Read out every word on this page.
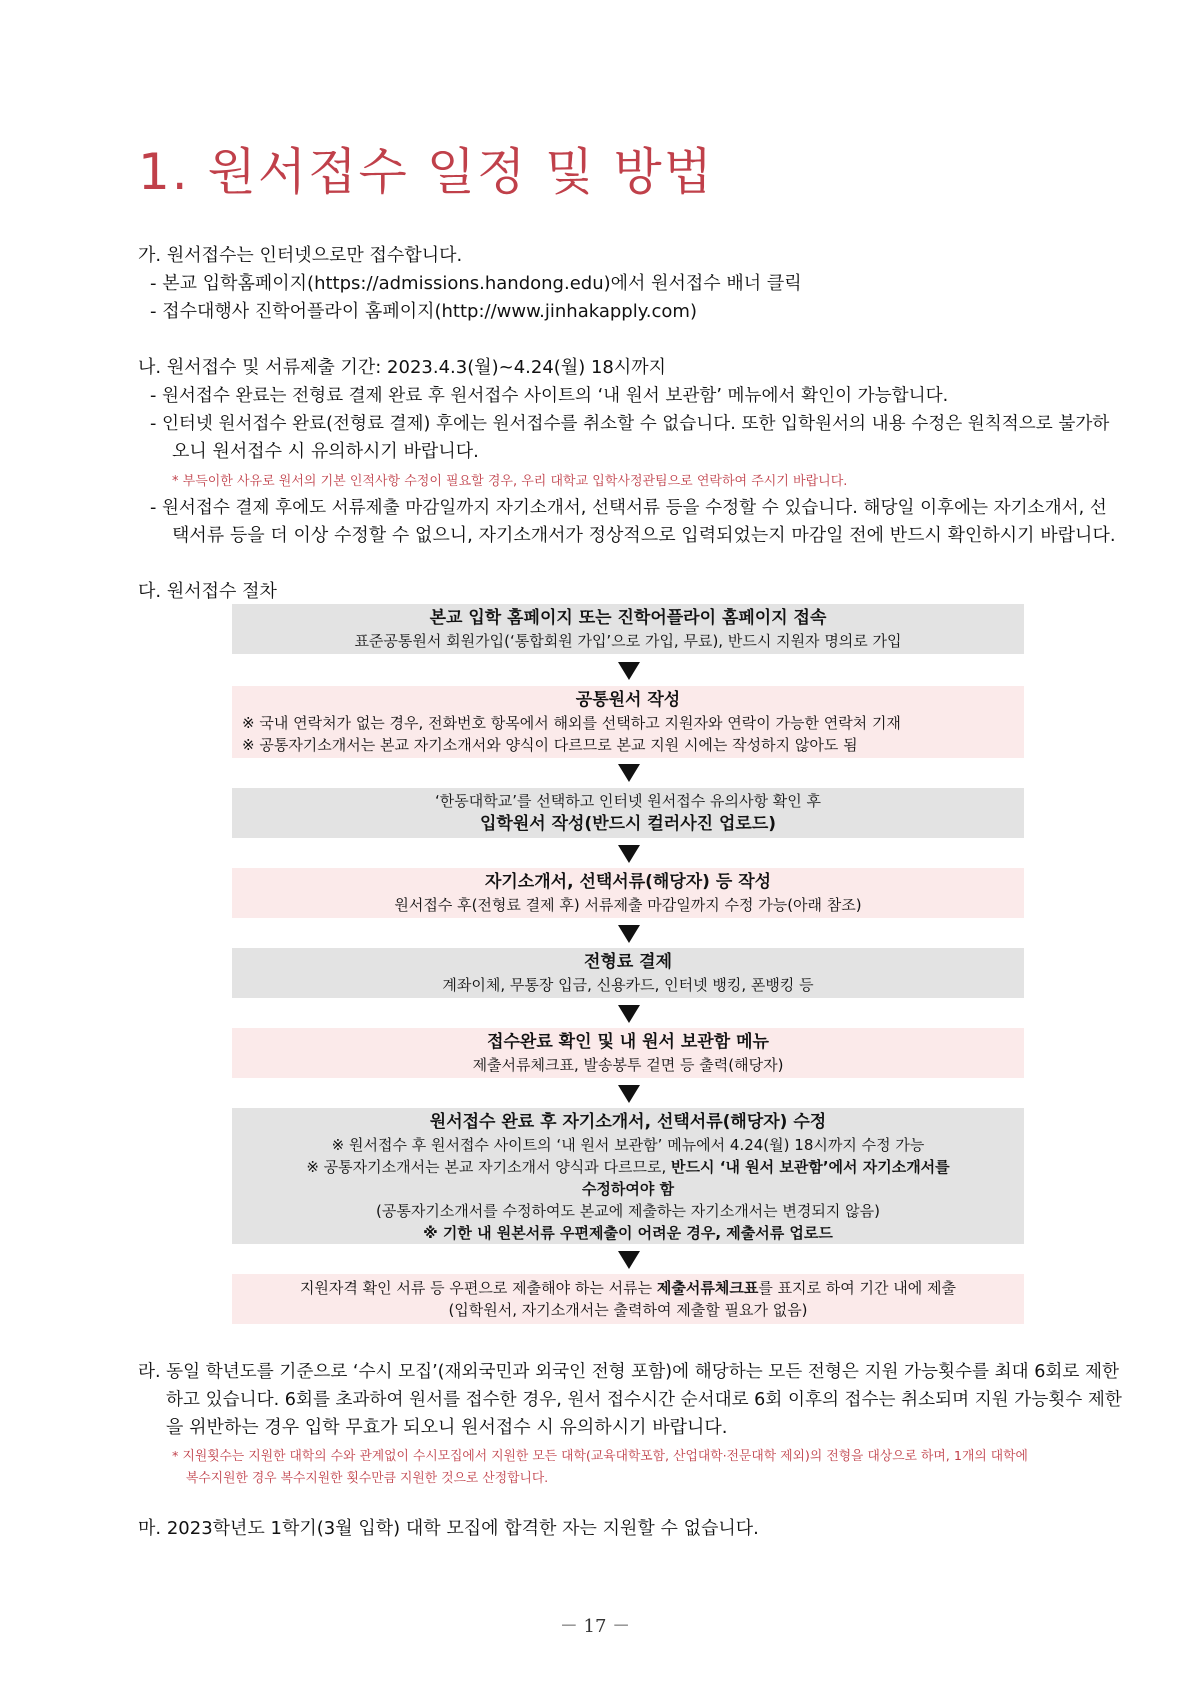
1. 원서접수 일정 및 방법
가. 원서접수는 인터넷으로만 접수합니다.
- 본교 입학홈페이지(https://admissions.handong.edu)에서 원서접수 배너 클릭
- 접수대행사 진학어플라이 홈페이지(http://www.jinhakapply.com)
나. 원서접수 및 서류제출 기간: 2023.4.3(월)~4.24(월) 18시까지
- 원서접수 완료는 전형료 결제 완료 후 원서접수 사이트의 ‘내 원서 보관함’ 메뉴에서 확인이 가능합니다.
- 인터넷 원서접수 완료(전형료 결제) 후에는 원서접수를 취소할 수 없습니다. 또한 입학원서의 내용 수정은 원칙적으로 불가하
오니 원서접수 시 유의하시기 바랍니다.
* 부득이한 사유로 원서의 기본 인적사항 수정이 필요할 경우, 우리 대학교 입학사정관팀으로 연락하여 주시기 바랍니다.
- 원서접수 결제 후에도 서류제출 마감일까지 자기소개서, 선택서류 등을 수정할 수 있습니다. 해당일 이후에는 자기소개서, 선
택서류 등을 더 이상 수정할 수 없으니, 자기소개서가 정상적으로 입력되었는지 마감일 전에 반드시 확인하시기 바랍니다.
다. 원서접수 절차
본교 입학 홈페이지 또는 진학어플라이 홈페이지 접속
표준공통원서 회원가입(‘통합회원 가입’으로 가입, 무료), 반드시 지원자 명의로 가입
공통원서 작성
※ 국내 연락처가 없는 경우, 전화번호 항목에서 해외를 선택하고 지원자와 연락이 가능한 연락처 기재
※ 공통자기소개서는 본교 자기소개서와 양식이 다르므로 본교 지원 시에는 작성하지 않아도 됨
‘한동대학교’를 선택하고 인터넷 원서접수 유의사항 확인 후
입학원서 작성(반드시 컬러사진 업로드)
자기소개서, 선택서류(해당자) 등 작성
원서접수 후(전형료 결제 후) 서류제출 마감일까지 수정 가능(아래 참조)
전형료 결제
계좌이체, 무통장 입금, 신용카드, 인터넷 뱅킹, 폰뱅킹 등
접수완료 확인 및 내 원서 보관함 메뉴
제출서류체크표, 발송봉투 겉면 등 출력(해당자)
원서접수 완료 후 자기소개서, 선택서류(해당자) 수정
※ 원서접수 후 원서접수 사이트의 ‘내 원서 보관함’ 메뉴에서 4.24(월) 18시까지 수정 가능
※ 공통자기소개서는 본교 자기소개서 양식과 다르므로, 반드시 ‘내 원서 보관함’에서 자기소개서를
수정하여야 함
(공통자기소개서를 수정하여도 본교에 제출하는 자기소개서는 변경되지 않음)
※ 기한 내 원본서류 우편제출이 어려운 경우, 제출서류 업로드
지원자격 확인 서류 등 우편으로 제출해야 하는 서류는 제출서류체크표를 표지로 하여 기간 내에 제출
(입학원서, 자기소개서는 출력하여 제출할 필요가 없음)
라. 동일 학년도를 기준으로 ‘수시 모집’(재외국민과 외국인 전형 포함)에 해당하는 모든 전형은 지원 가능횟수를 최대 6회로 제한
하고 있습니다. 6회를 초과하여 원서를 접수한 경우, 원서 접수시간 순서대로 6회 이후의 접수는 취소되며 지원 가능횟수 제한
을 위반하는 경우 입학 무효가 되오니 원서접수 시 유의하시기 바랍니다.
* 지원횟수는 지원한 대학의 수와 관계없이 수시모집에서 지원한 모든 대학(교육대학포함, 산업대학·전문대학 제외)의 전형을 대상으로 하며, 1개의 대학에
복수지원한 경우 복수지원한 횟수만큼 지원한 것으로 산정합니다.
마. 2023학년도 1학기(3월 입학) 대학 모집에 합격한 자는 지원할 수 없습니다.
－ 17 －
